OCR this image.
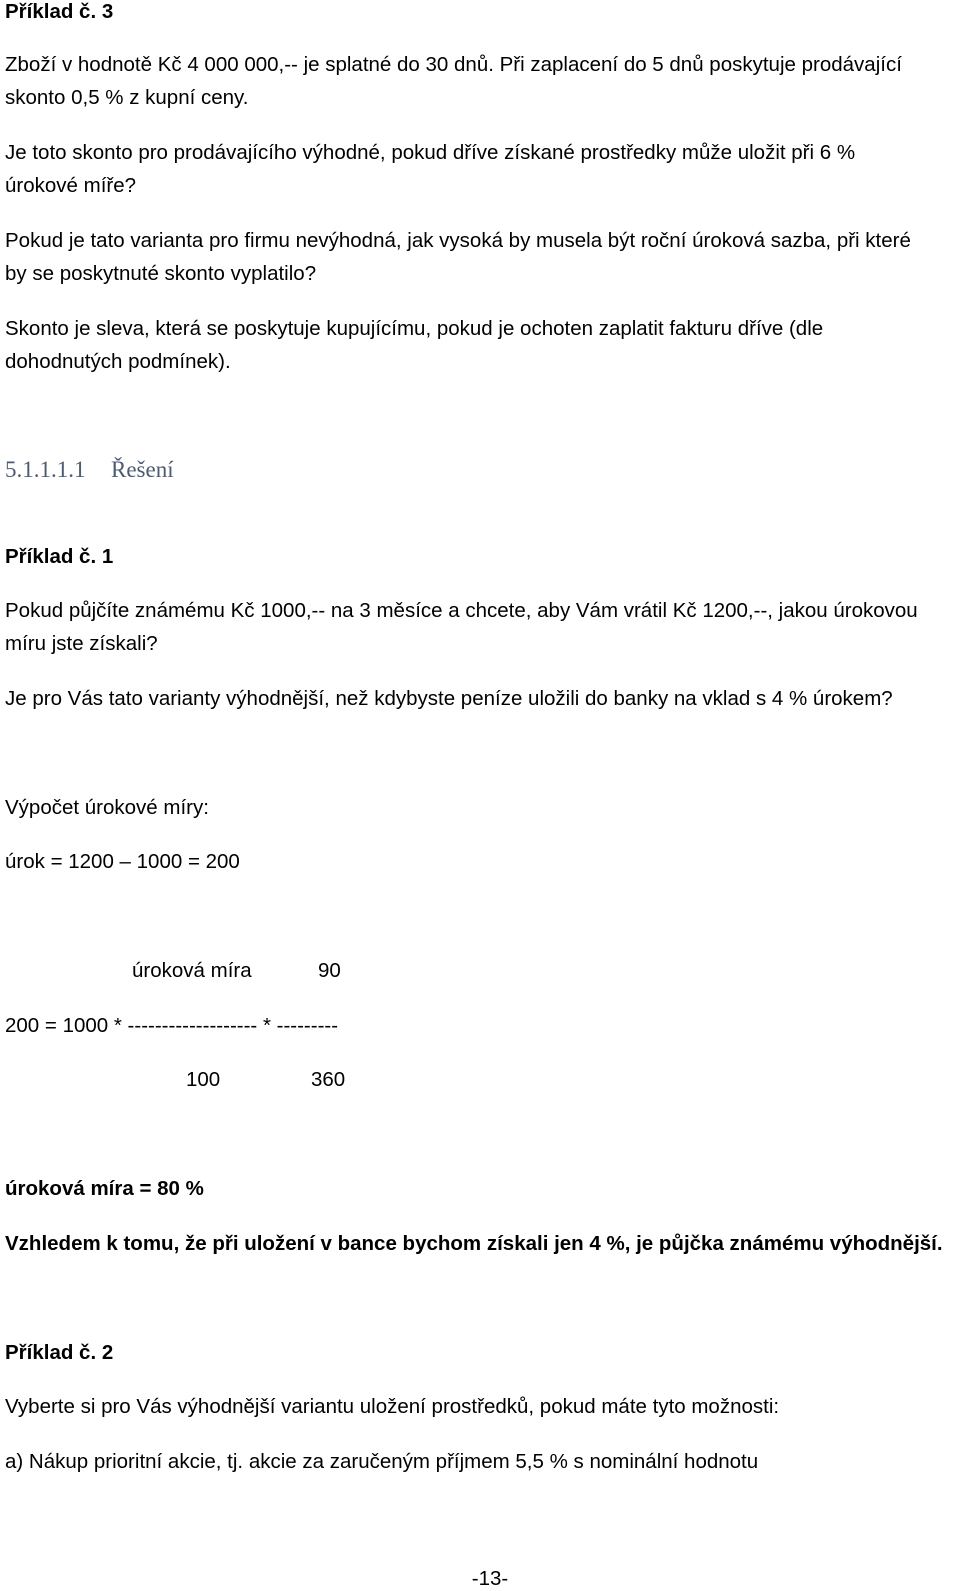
Příklad č. 3

Zboží v hodnotě Kč 4 000 000,-- je splatné do 30 dnů. Při zaplacení do 5 dnů poskytuje prodávající

skonto 0,5 % z kupní ceny.

Je toto skonto pro prodávajícího výhodné, pokud dříve získané prostředky může uložit při 6 %

úrokové míře?

Pokud je tato varianta pro firmu nevýhodná, jak vysoká by musela být roční úroková sazba, při které

by se poskytnuté skonto vyplatilo?

Skonto je sleva, která se poskytuje kupujícímu, pokud je ochoten zaplatit fakturu dříve (dle

dohodnutých podmínek).

5.1.1.1.1 Řešení

Příklad č. 1

Pokud půjčíte známému Kč 1000,-- na 3 měsíce a chcete, aby Vám vrátil Kč 1200,--, jakou úrokovou

míru jste získali?

Je pro Vás tato varianty výhodnější, než kdybyste peníze uložili do banky na vklad s 4 % úrokem?

Výpočet úrokové míry:

úrok = 1200 – 1000 = 200

úroková míra	90

200 = 1000 * ------------------- * ---------

100	360

úroková míra = 80 %

Vzhledem k tomu, že při uložení v bance bychom získali jen 4 %, je půjčka známému výhodnější.

Příklad č. 2

Vyberte si pro Vás výhodnější variantu uložení prostředků, pokud máte tyto možnosti:

a) Nákup prioritní akcie, tj. akcie za zaručeným příjmem 5,5 % s nominální hodnotu

-13-
